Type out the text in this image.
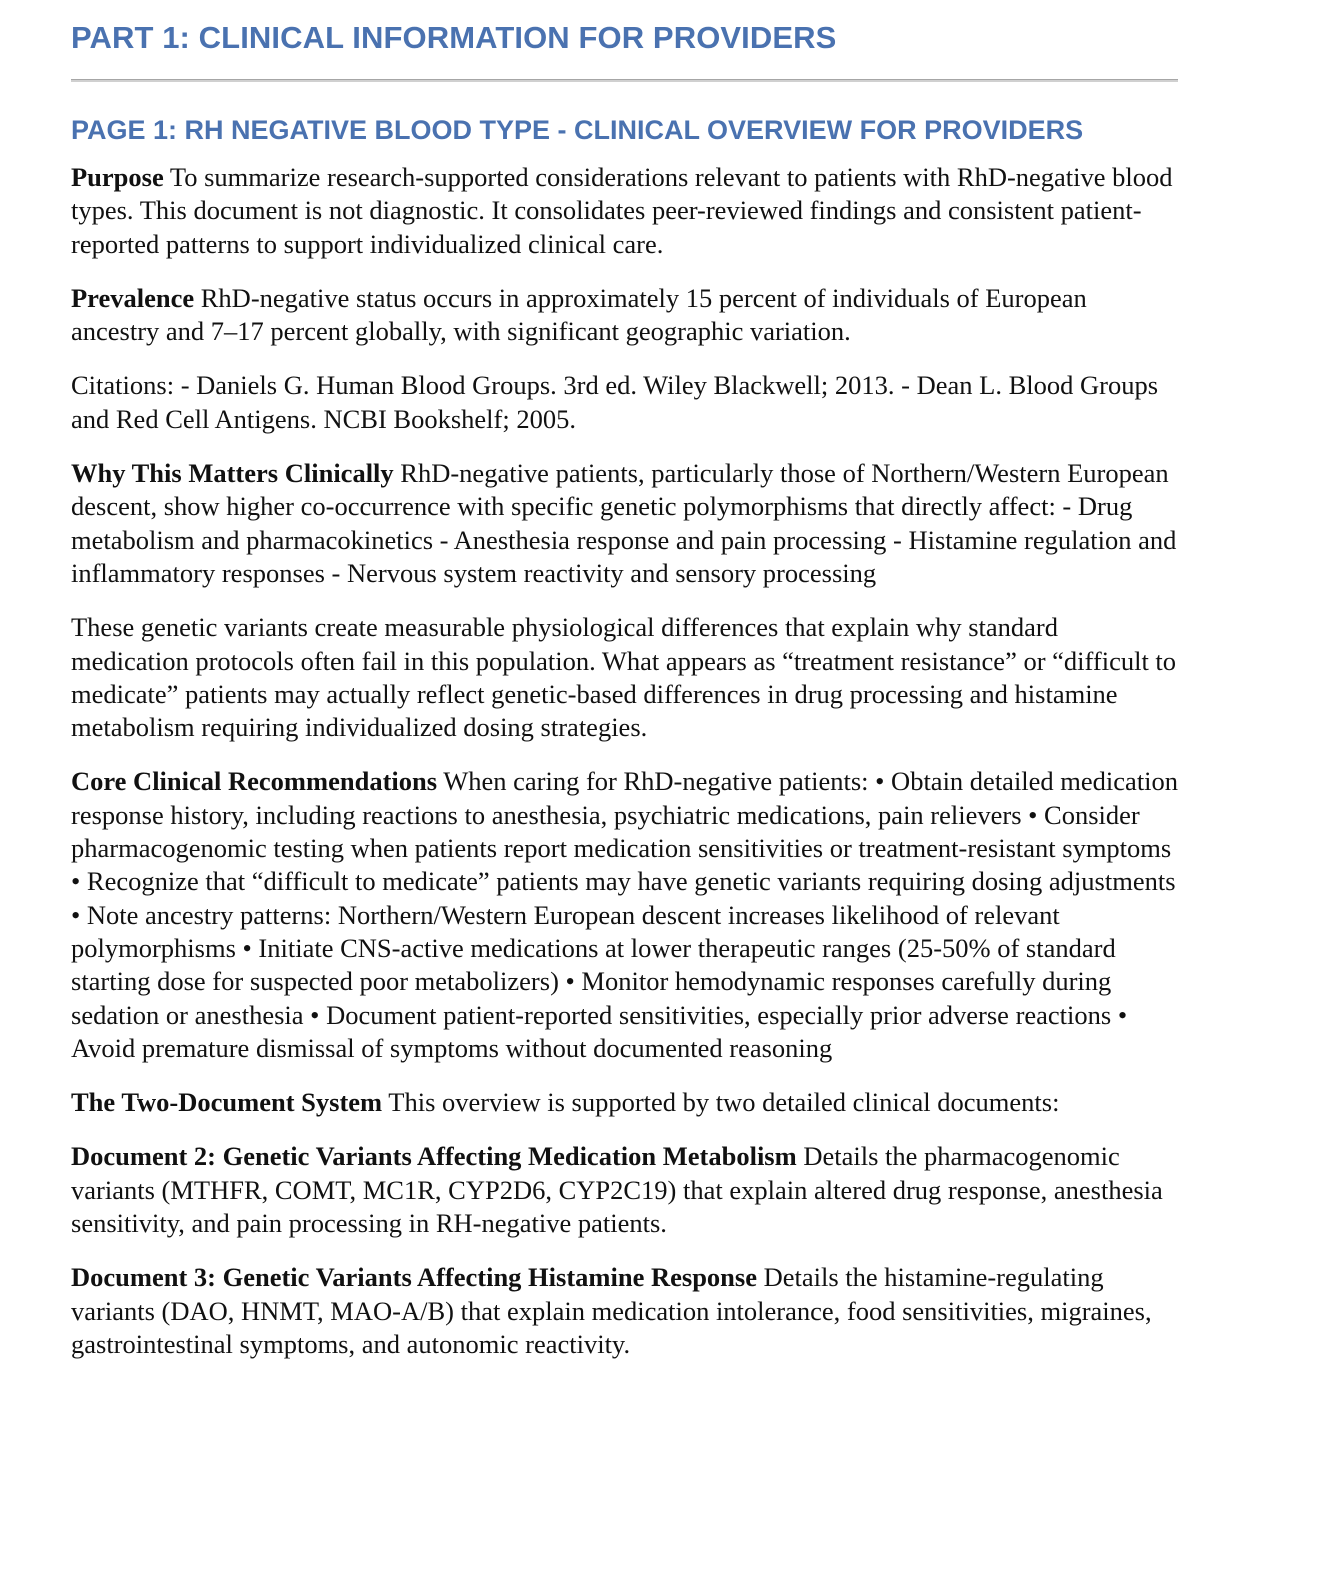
PART 1: CLINICAL INFORMATION FOR PROVIDERS
PAGE 1: RH NEGATIVE BLOOD TYPE - CLINICAL OVERVIEW FOR PROVIDERS

Purpose To summarize research-supported considerations relevant to patients with RhD-negative blood types. This document is not diagnostic. It consolidates peer-reviewed findings and consistent patient-reported patterns to support individualized clinical care.

Prevalence RhD-negative status occurs in approximately 15 percent of individuals of European ancestry and 7–17 percent globally, with significant geographic variation.

Citations: - Daniels G. Human Blood Groups. 3rd ed. Wiley Blackwell; 2013. - Dean L. Blood Groups and Red Cell Antigens. NCBI Bookshelf; 2005.

Why This Matters Clinically RhD-negative patients, particularly those of Northern/Western European descent, show higher co-occurrence with specific genetic polymorphisms that directly affect: - Drug metabolism and pharmacokinetics - Anesthesia response and pain processing - Histamine regulation and inflammatory responses - Nervous system reactivity and sensory processing

These genetic variants create measurable physiological differences that explain why standard medication protocols often fail in this population. What appears as “treatment resistance” or “difficult to medicate” patients may actually reflect genetic-based differences in drug processing and histamine metabolism requiring individualized dosing strategies.

Core Clinical Recommendations When caring for RhD-negative patients: • Obtain detailed medication response history, including reactions to anesthesia, psychiatric medications, pain relievers • Consider pharmacogenomic testing when patients report medication sensitivities or treatment-resistant symptoms • Recognize that “difficult to medicate” patients may have genetic variants requiring dosing adjustments • Note ancestry patterns: Northern/Western European descent increases likelihood of relevant polymorphisms • Initiate CNS-active medications at lower therapeutic ranges (25-50% of standard starting dose for suspected poor metabolizers) • Monitor hemodynamic responses carefully during sedation or anesthesia • Document patient-reported sensitivities, especially prior adverse reactions • Avoid premature dismissal of symptoms without documented reasoning

The Two-Document System This overview is supported by two detailed clinical documents:

Document 2: Genetic Variants Affecting Medication Metabolism Details the pharmacogenomic variants (MTHFR, COMT, MC1R, CYP2D6, CYP2C19) that explain altered drug response, anesthesia sensitivity, and pain processing in RH-negative patients.

Document 3: Genetic Variants Affecting Histamine Response Details the histamine-regulating variants (DAO, HNMT, MAO-A/B) that explain medication intolerance, food sensitivities, migraines, gastrointestinal symptoms, and autonomic reactivity.
